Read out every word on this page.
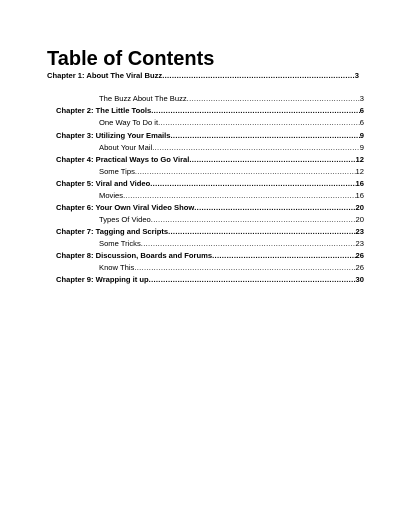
Table of Contents
Chapter 1: About The Viral Buzz .....	3
The Buzz About The Buzz .....	3
Chapter 2: The Little Tools .....	6
One Way To Do it .....	6
Chapter 3: Utilizing Your Emails .....	9
About Your Mail .....	9
Chapter 4: Practical Ways to Go Viral .....	12
Some Tips .....	12
Chapter 5: Viral and Video .....	16
Movies .....	16
Chapter 6: Your Own Viral Video Show .....	20
Types Of Video .....	20
Chapter 7: Tagging and Scripts .....	23
Some Tricks .....	23
Chapter 8: Discussion, Boards and Forums .....	26
Know This .....	26
Chapter 9: Wrapping it up .....	30
